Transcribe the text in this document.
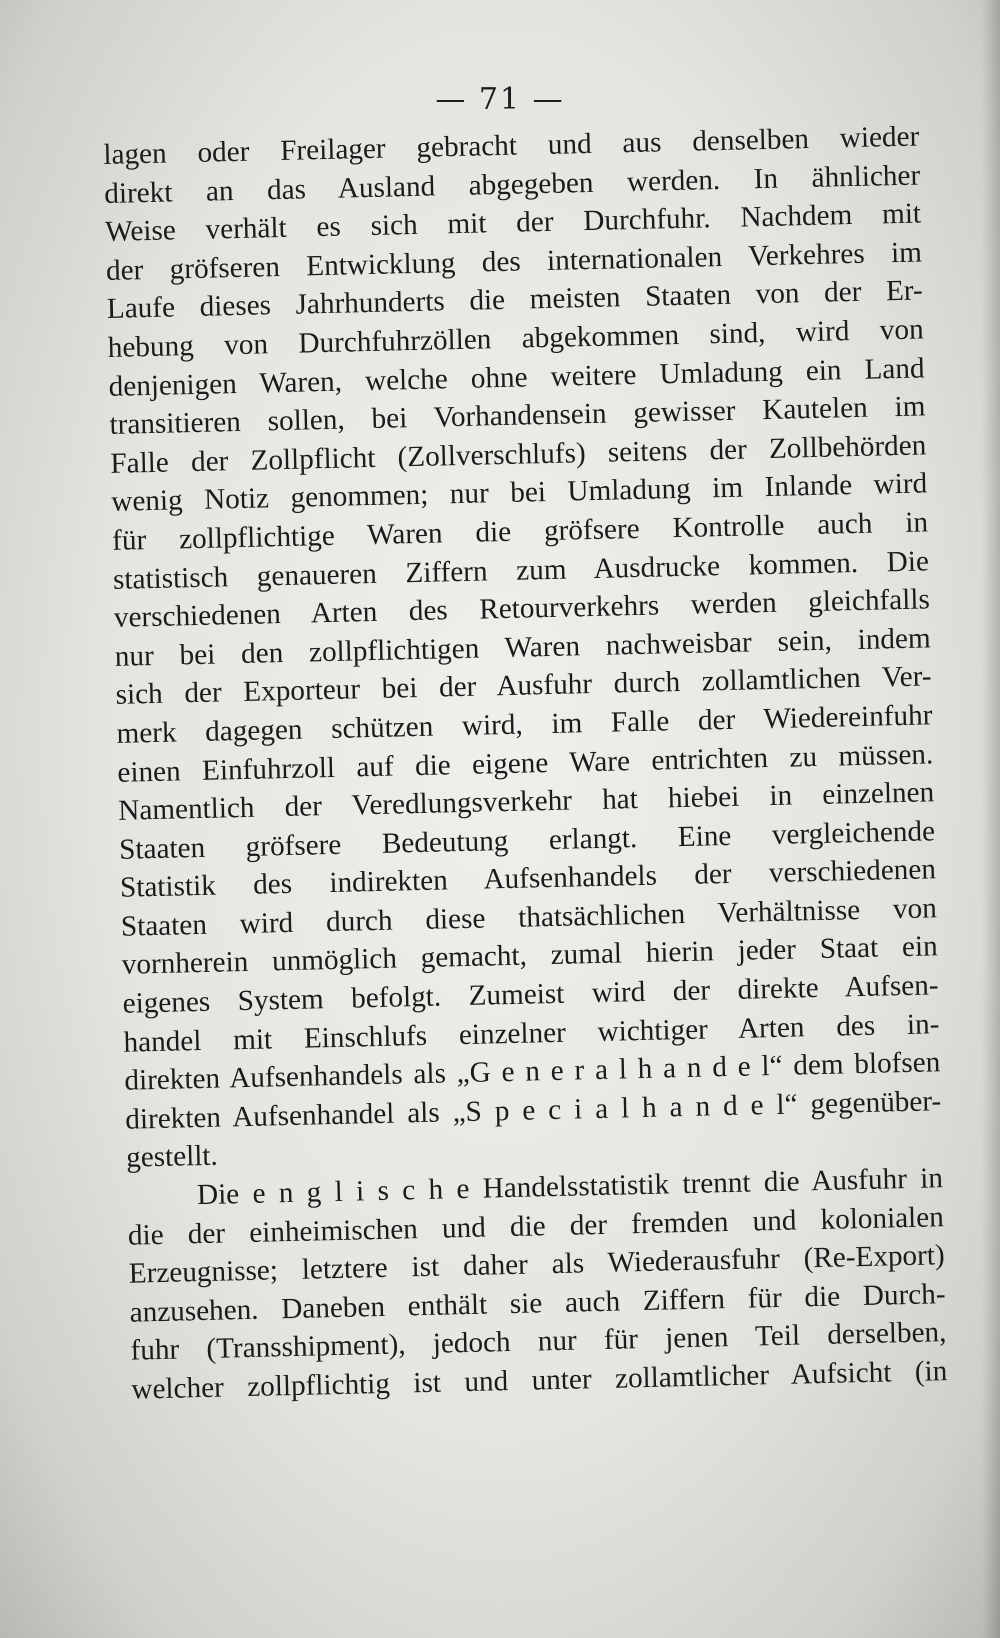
— 71 —
lagen oder Freilager gebracht und aus denselben wieder
direkt an das Ausland abgegeben werden. In ähnlicher
Weise verhält es sich mit der Durchfuhr. Nachdem mit
der gröfseren Entwicklung des internationalen Verkehres im
Laufe dieses Jahrhunderts die meisten Staaten von der Er-
hebung von Durchfuhrzöllen abgekommen sind, wird von
denjenigen Waren, welche ohne weitere Umladung ein Land
transitieren sollen, bei Vorhandensein gewisser Kautelen im
Falle der Zollpflicht (Zollverschlufs) seitens der Zollbehörden
wenig Notiz genommen; nur bei Umladung im Inlande wird
für zollpflichtige Waren die gröfsere Kontrolle auch in
statistisch genaueren Ziffern zum Ausdrucke kommen. Die
verschiedenen Arten des Retourverkehrs werden gleichfalls
nur bei den zollpflichtigen Waren nachweisbar sein, indem
sich der Exporteur bei der Ausfuhr durch zollamtlichen Ver-
merk dagegen schützen wird, im Falle der Wiedereinfuhr
einen Einfuhrzoll auf die eigene Ware entrichten zu müssen.
Namentlich der Veredlungsverkehr hat hiebei in einzelnen
Staaten gröfsere Bedeutung erlangt. Eine vergleichende
Statistik des indirekten Aufsenhandels der verschiedenen
Staaten wird durch diese thatsächlichen Verhältnisse von
vornherein unmöglich gemacht, zumal hierin jeder Staat ein
eigenes System befolgt. Zumeist wird der direkte Aufsen-
handel mit Einschlufs einzelner wichtiger Arten des in-
direkten Aufsenhandels als „G e n e r a l h a n d e l“ dem blofsen
direkten Aufsenhandel als „S p e c i a l h a n d e l“ gegenüber-
gestellt.
Die e n g l i s c h e Handelsstatistik trennt die Ausfuhr in
die der einheimischen und die der fremden und kolonialen
Erzeugnisse; letztere ist daher als Wiederausfuhr (Re-Export)
anzusehen. Daneben enthält sie auch Ziffern für die Durch-
fuhr (Transshipment), jedoch nur für jenen Teil derselben,
welcher zollpflichtig ist und unter zollamtlicher Aufsicht (in
